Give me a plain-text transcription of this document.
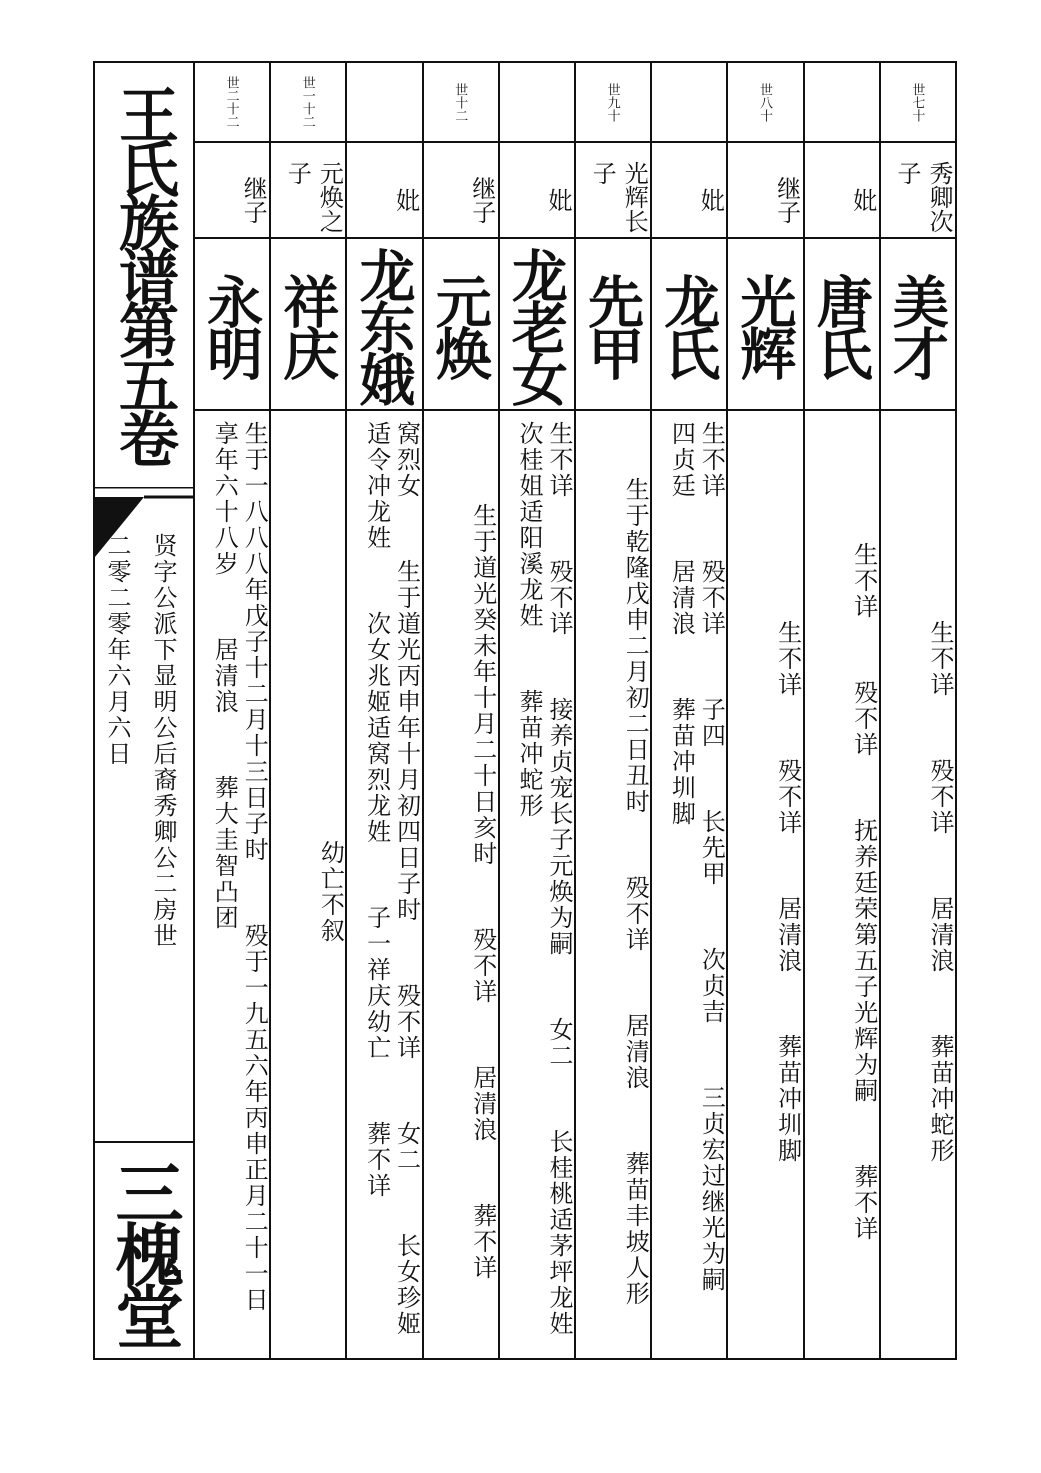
王氏族谱第五卷
贤字公派下显明公后裔秀卿公二房世
二零二零年六月六日
三槐堂
世七十
秀卿次子
美才
生不详  殁不详  居清浪  葬苗冲蛇形
妣
唐氏
生不详  殁不详  抚养廷荣第五子光辉为嗣  葬不详
世八十
继子
光辉
生不详  殁不详  居清浪  葬苗冲圳脚
妣
龙氏
生不详  殁不详  子四  长先甲  次贞吉  三贞宏过继光为嗣  四贞廷  居清浪  葬苗冲圳脚
世九十
光辉长子
先甲
生于乾隆戊申二月初二日丑时  殁不详  居清浪  葬苗丰坡人形
妣
龙老女
生不详  殁不详  接养贞宠长子元焕为嗣  女二  长桂桃适茅坪龙姓  次桂姐适阳溪龙姓  葬苗冲蛇形
世十二
继子
元焕
生于道光癸未年十月二十日亥时  殁不详  居清浪  葬不详
妣
龙东娥
窝烈女  生于道光丙申年十月初四日子时  殁不详  女二  长女珍姬适令冲龙姓  次女兆姬适窝烈龙姓  子一祥庆幼亡  葬不详
世一十二
元焕之子
祥庆
幼亡不叙
世二十二
继子
永明
生于一八八八年戊子十二月十三日子时  殁于一九五六年丙申正月二十一日  享年六十八岁  居清浪  葬大圭智凸团
